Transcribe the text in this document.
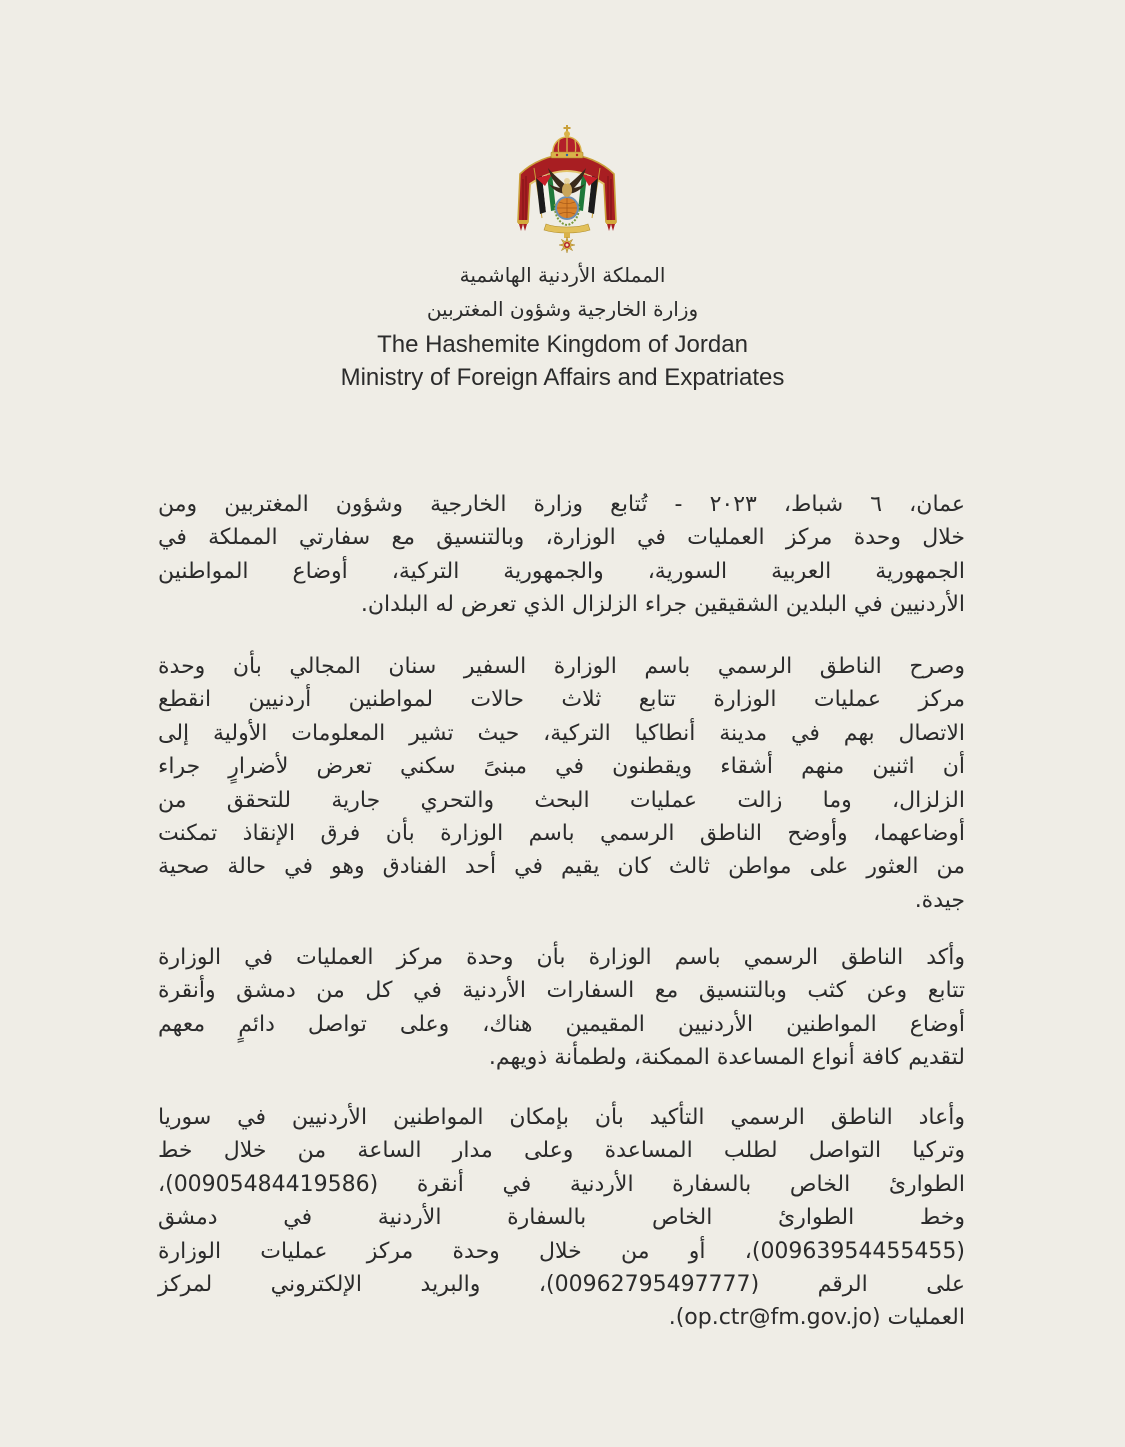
المملكة الأردنية الهاشمية
وزارة الخارجية وشؤون المغتربين
The Hashemite Kingdom of Jordan
Ministry of Foreign Affairs and Expatriates
عمان، ٦ شباط، ٢٠٢٣ - تُتابع وزارة الخارجية وشؤون المغتربين ومن
خلال وحدة مركز العمليات في الوزارة، وبالتنسيق مع سفارتي المملكة في
الجمهورية العربية السورية، والجمهورية التركية، أوضاع المواطنين
الأردنيين في البلدين الشقيقين جراء الزلزال الذي تعرض له البلدان.
وصرح الناطق الرسمي باسم الوزارة السفير سنان المجالي بأن وحدة
مركز عمليات الوزارة تتابع ثلاث حالات لمواطنين أردنيين انقطع
الاتصال بهم في مدينة أنطاكيا التركية، حيث تشير المعلومات الأولية إلى
أن اثنين منهم أشقاء ويقطنون في مبنىً سكني تعرض لأضرارٍ جراء
الزلزال، وما زالت عمليات البحث والتحري جارية للتحقق من
أوضاعهما، وأوضح الناطق الرسمي باسم الوزارة بأن فرق الإنقاذ تمكنت
من العثور على مواطن ثالث كان يقيم في أحد الفنادق وهو في حالة صحية
جيدة.
وأكد الناطق الرسمي باسم الوزارة بأن وحدة مركز العمليات في الوزارة
تتابع وعن كثب وبالتنسيق مع السفارات الأردنية في كل من دمشق وأنقرة
أوضاع المواطنين الأردنيين المقيمين هناك، وعلى تواصل دائمٍ معهم
لتقديم كافة أنواع المساعدة الممكنة، ولطمأنة ذويهم.
وأعاد الناطق الرسمي التأكيد بأن بإمكان المواطنين الأردنيين في سوريا
وتركيا التواصل لطلب المساعدة وعلى مدار الساعة من خلال خط
الطوارئ الخاص بالسفارة الأردنية في أنقرة (00905484419586)،
وخط الطوارئ الخاص بالسفارة الأردنية في دمشق
(00963954455455)، أو من خلال وحدة مركز عمليات الوزارة
على الرقم (00962795497777)، والبريد الإلكتروني لمركز
العمليات (op.ctr@fm.gov.jo).
